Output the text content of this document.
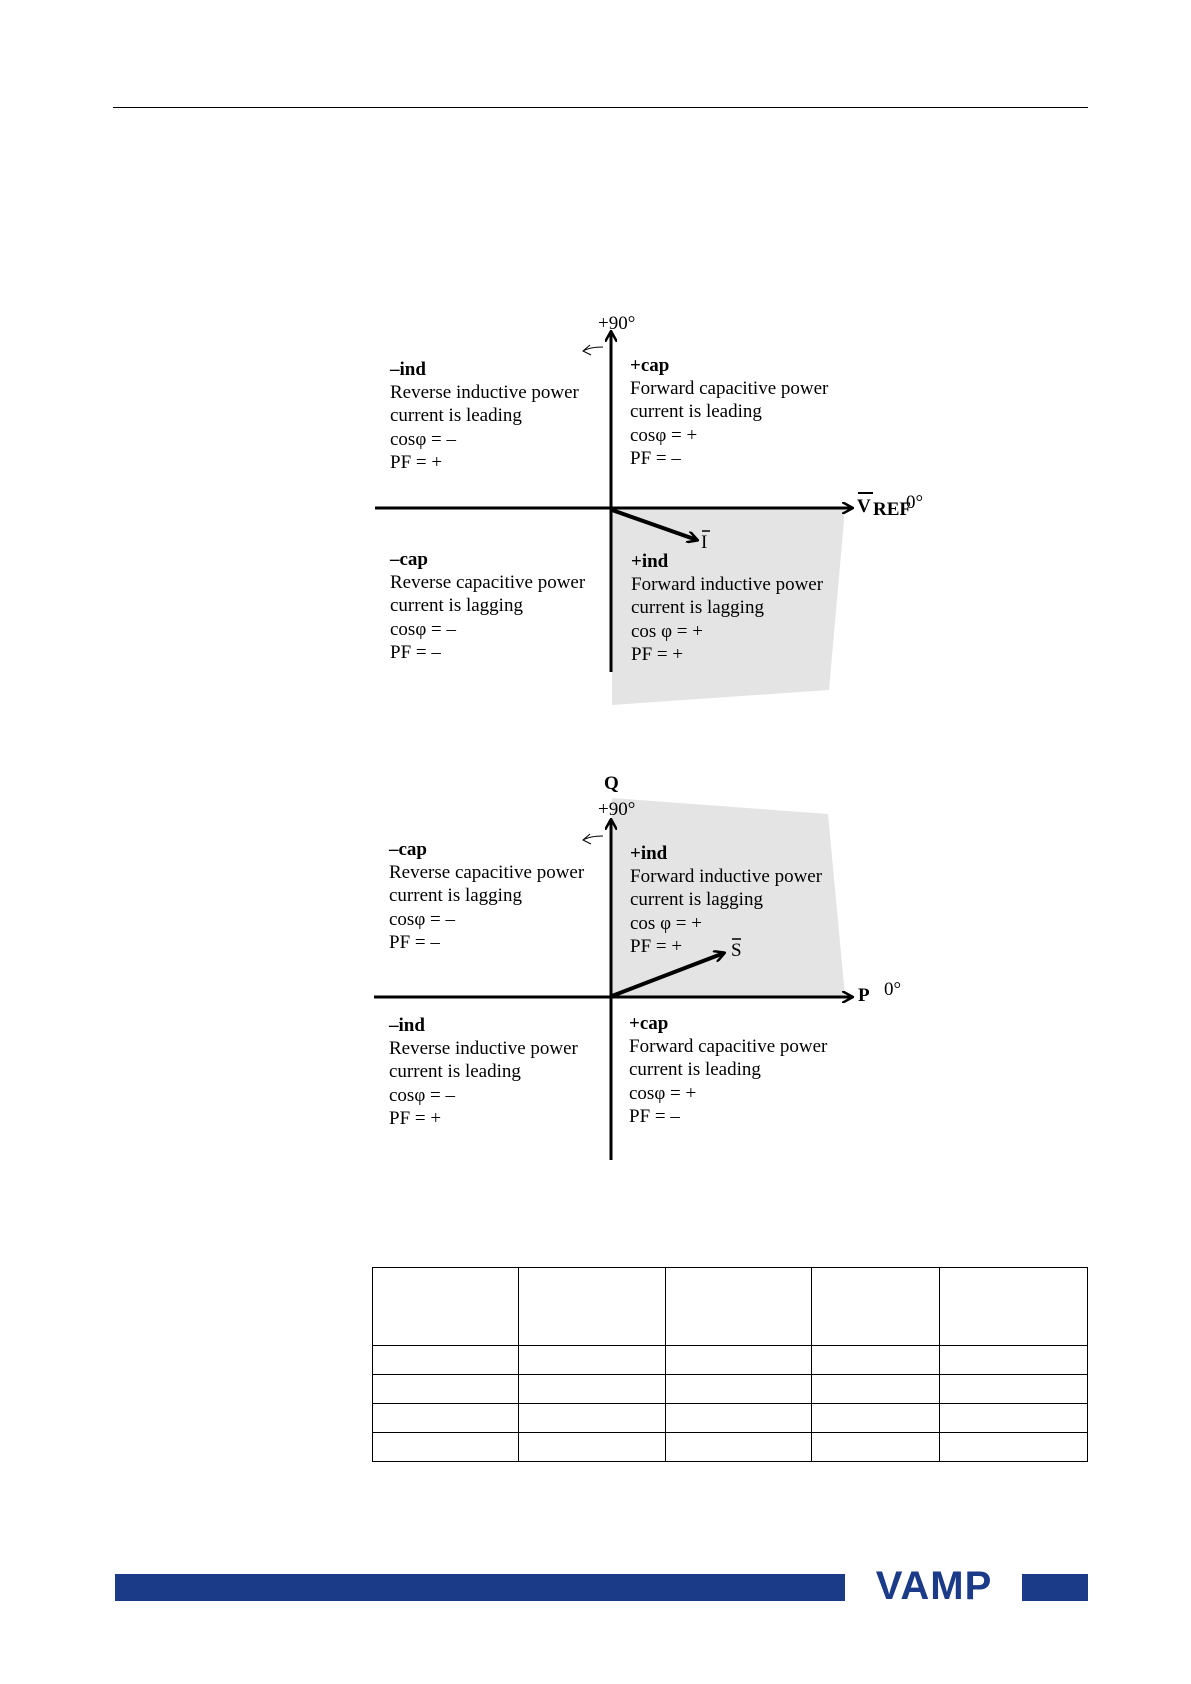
+90°
V REF
0°
I
–ind
Reverse inductive power
current is leading
cosφ = –
PF = +
+cap
Forward capacitive power
current is leading
cosφ = +
PF = –
–cap
Reverse capacitive power
current is lagging
cosφ = –
PF = –
+ind
Forward inductive power
current is lagging
cos φ = +
PF = +
Q
+90°
P 0°
S
–cap
Reverse capacitive power
current is lagging
cosφ = –
PF = –
+ind
Forward inductive power
current is lagging
cos φ = +
PF = +
–ind
Reverse inductive power
current is leading
cosφ = –
PF = +
+cap
Forward capacitive power
current is leading
cosφ = +
PF = –

VAMP
